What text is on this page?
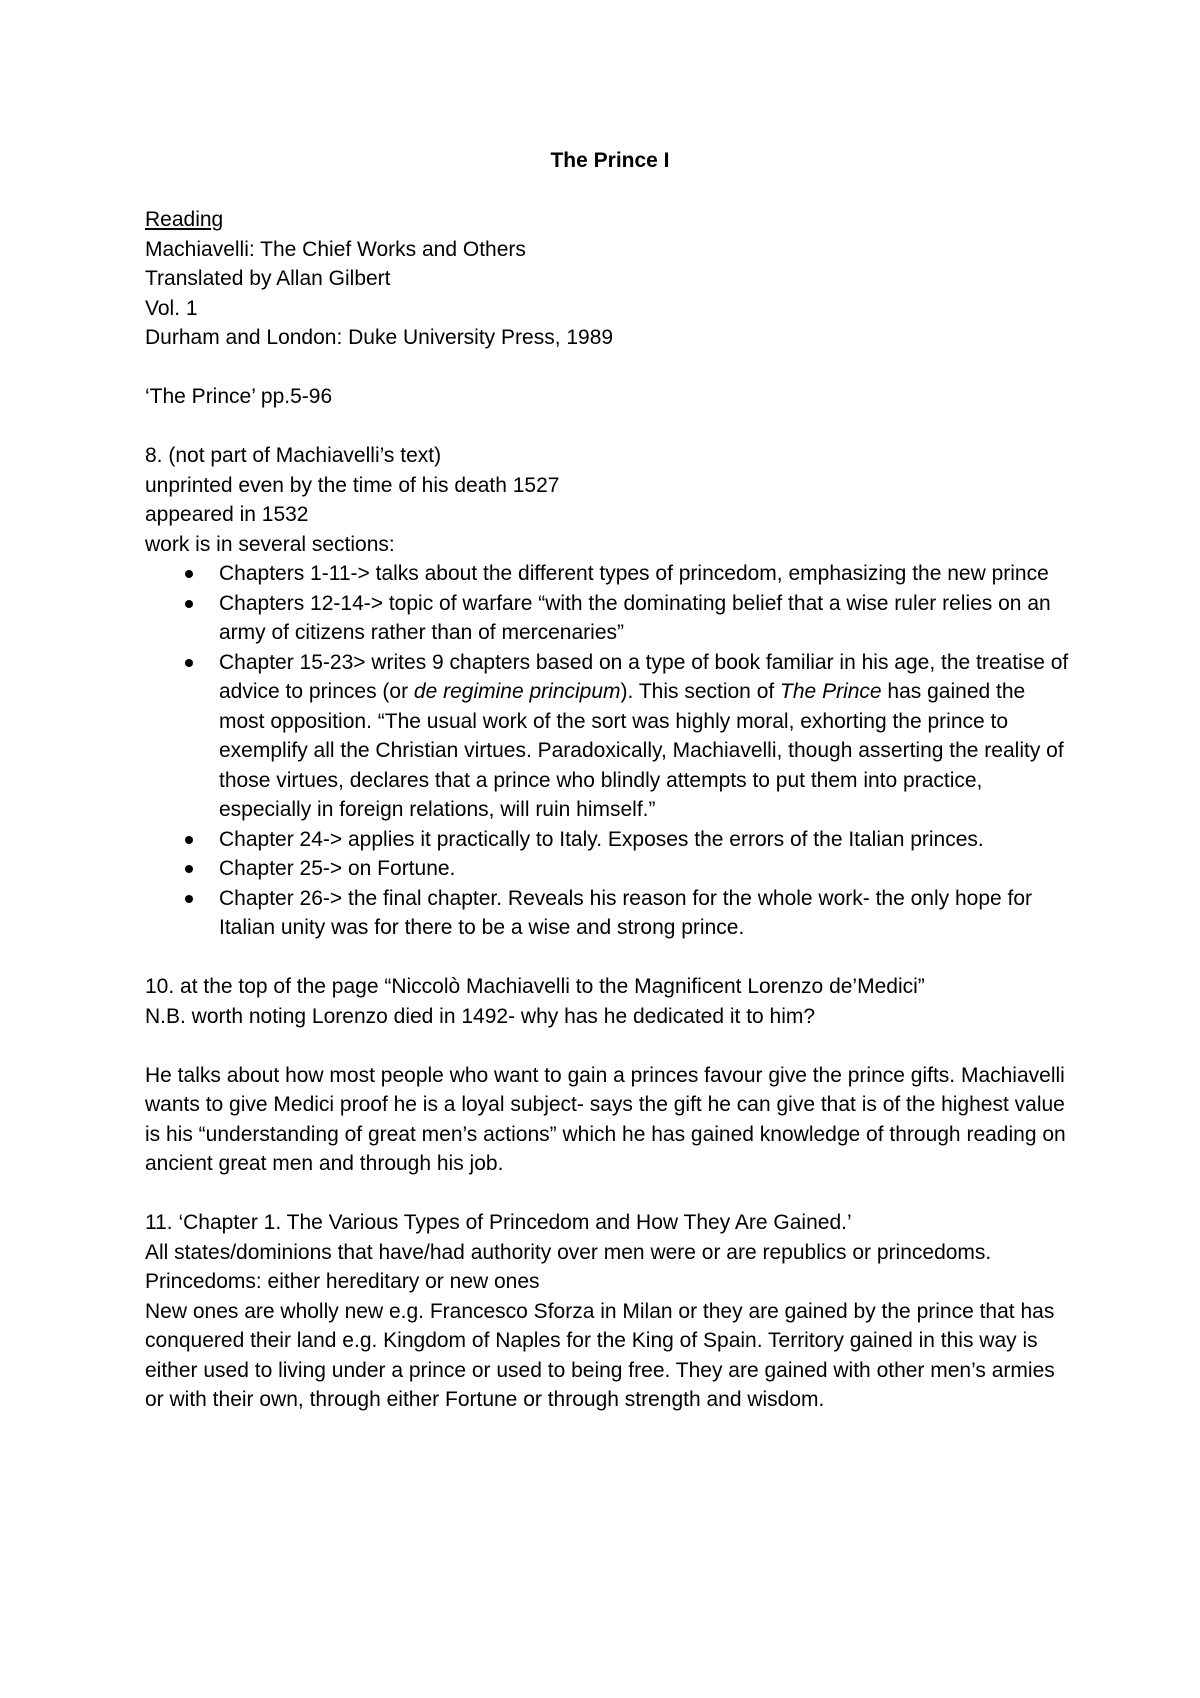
The Prince I

Reading

Machiavelli: The Chief Works and Others

Translated by Allan Gilbert

Vol. 1

Durham and London: Duke University Press, 1989

‘The Prince’ pp.5-96

8. (not part of Machiavelli’s text)

unprinted even by the time of his death 1527

appeared in 1532

work is in several sections:

Chapters 1-11-> talks about the different types of princedom, emphasizing the new prince
Chapters 12-14-> topic of warfare “with the dominating belief that a wise ruler relies on an army of citizens rather than of mercenaries”
Chapter 15-23> writes 9 chapters based on a type of book familiar in his age, the treatise of advice to princes (or de regimine principum). This section of The Prince has gained the most opposition. “The usual work of the sort was highly moral, exhorting the prince to exemplify all the Christian virtues. Paradoxically, Machiavelli, though asserting the reality of those virtues, declares that a prince who blindly attempts to put them into practice, especially in foreign relations, will ruin himself.”
Chapter 24-> applies it practically to Italy. Exposes the errors of the Italian princes.
Chapter 25-> on Fortune.
Chapter 26-> the final chapter. Reveals his reason for the whole work- the only hope for Italian unity was for there to be a wise and strong prince.

10. at the top of the page “Niccolò Machiavelli to the Magnificent Lorenzo de’Medici”

N.B. worth noting Lorenzo died in 1492- why has he dedicated it to him?

He talks about how most people who want to gain a princes favour give the prince gifts. Machiavelli wants to give Medici proof he is a loyal subject- says the gift he can give that is of the highest value is his “understanding of great men’s actions” which he has gained knowledge of through reading on ancient great men and through his job.

11. ‘Chapter 1. The Various Types of Princedom and How They Are Gained.’

All states/dominions that have/had authority over men were or are republics or princedoms.

Princedoms: either hereditary or new ones

New ones are wholly new e.g. Francesco Sforza in Milan or they are gained by the prince that has conquered their land e.g. Kingdom of Naples for the King of Spain. Territory gained in this way is either used to living under a prince or used to being free. They are gained with other men’s armies or with their own, through either Fortune or through strength and wisdom.
